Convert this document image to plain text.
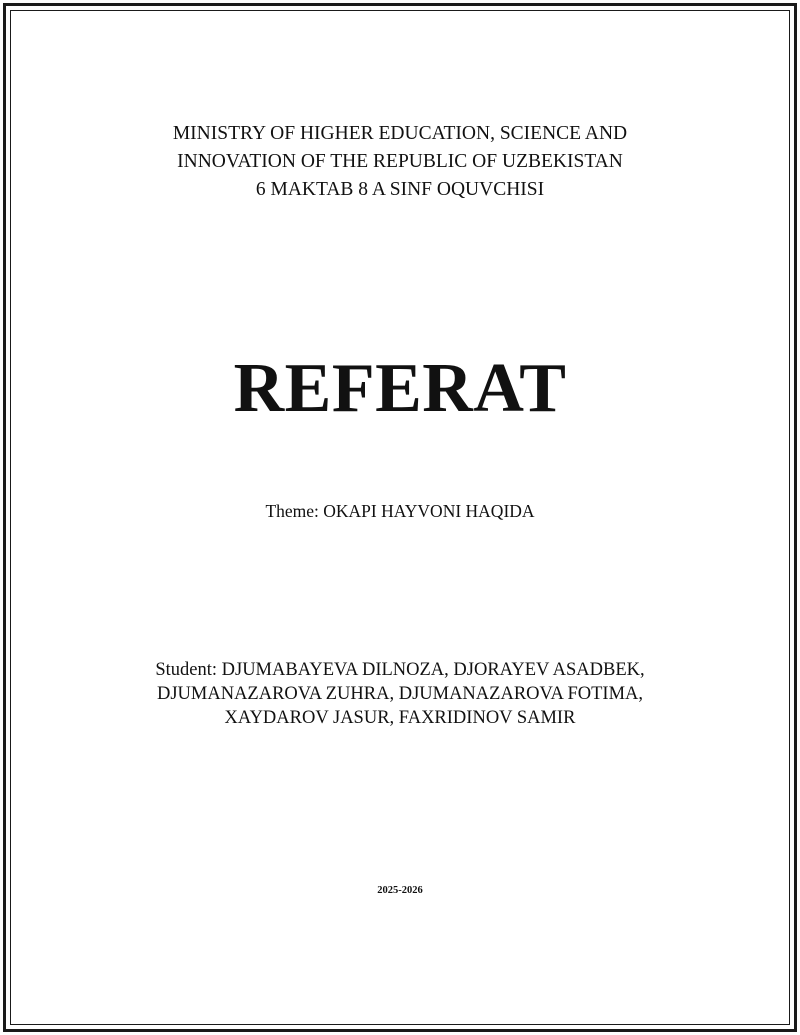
MINISTRY OF HIGHER EDUCATION, SCIENCE AND
INNOVATION OF THE REPUBLIC OF UZBEKISTAN
6 MAKTAB 8 A SINF OQUVCHISI
REFERAT
Theme: OKAPI HAYVONI HAQIDA
Student: DJUMABAYEVA DILNOZA, DJORAYEV ASADBEK,
DJUMANAZAROVA ZUHRA, DJUMANAZAROVA FOTIMA,
XAYDAROV JASUR, FAXRIDINOV SAMIR
2025-2026
